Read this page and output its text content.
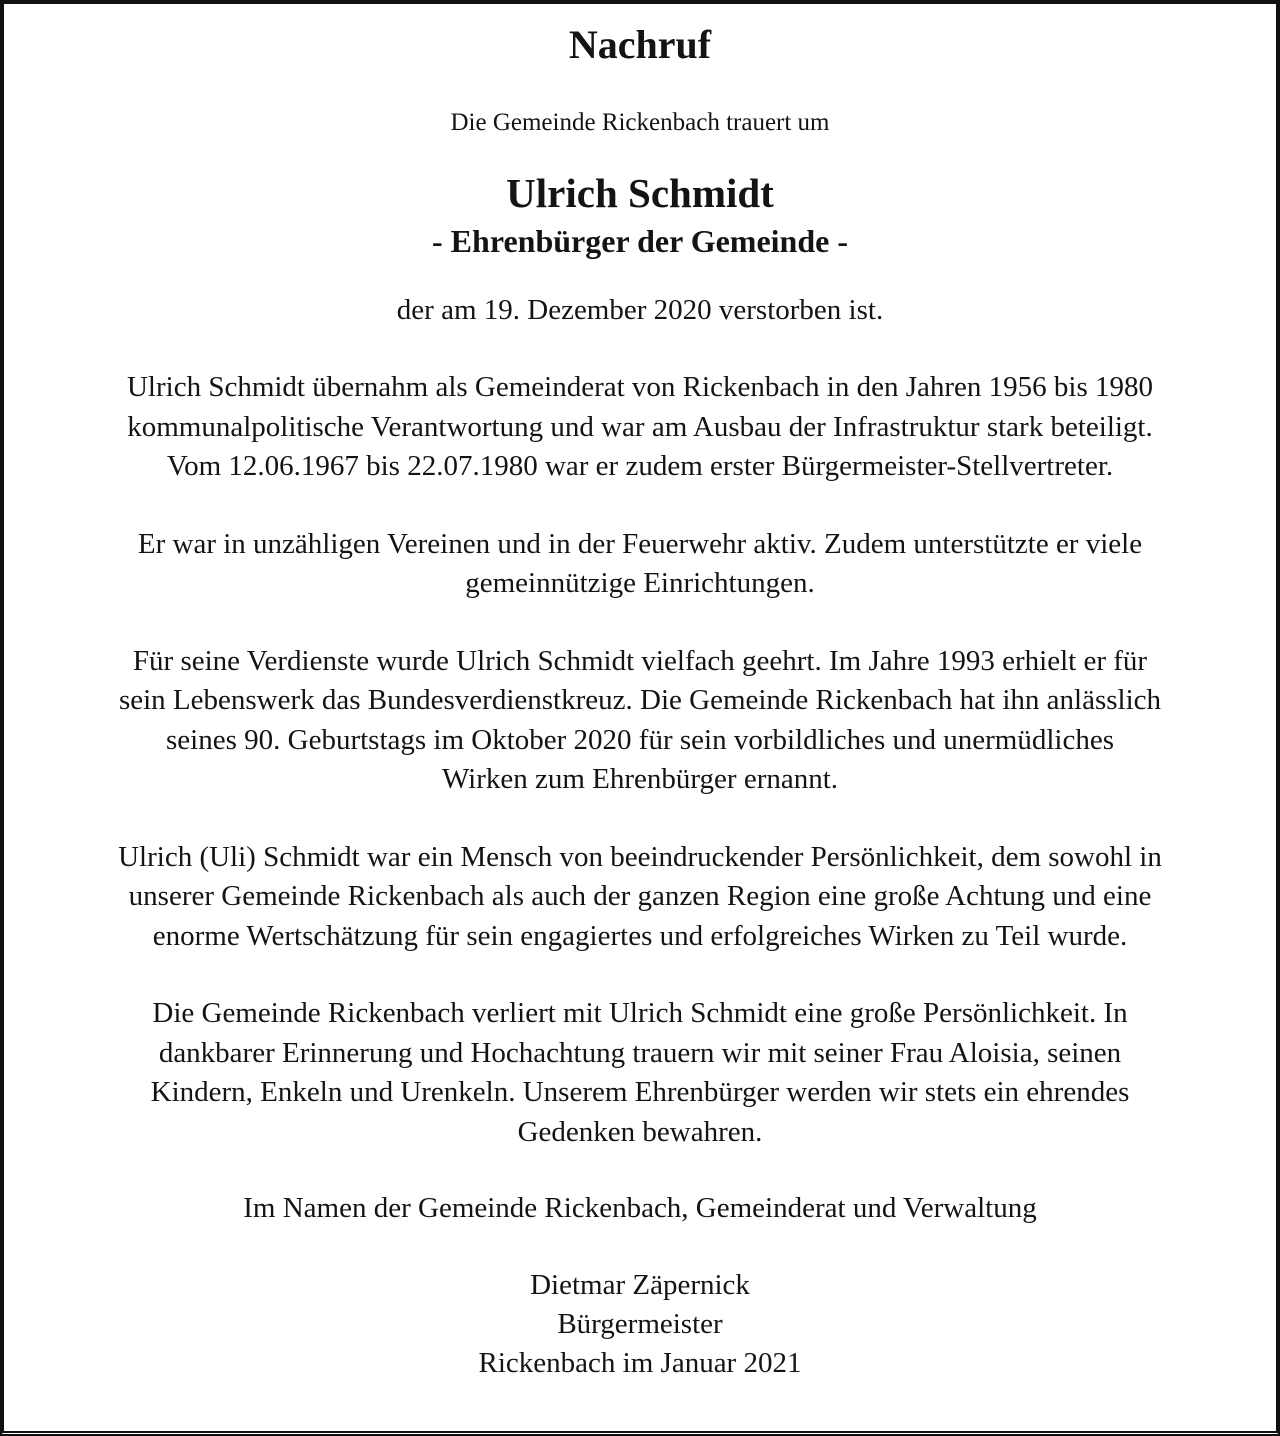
Nachruf

Die Gemeinde Rickenbach trauert um

Ulrich Schmidt

- Ehrenbürger der Gemeinde -

der am 19. Dezember 2020 verstorben ist.

Ulrich Schmidt übernahm als Gemeinderat von Rickenbach in den Jahren 1956 bis 1980
kommunalpolitische Verantwortung und war am Ausbau der Infrastruktur stark beteiligt.
Vom 12.06.1967 bis 22.07.1980 war er zudem erster Bürgermeister-Stellvertreter.

Er war in unzähligen Vereinen und in der Feuerwehr aktiv. Zudem unterstützte er viele
gemeinnützige Einrichtungen.

Für seine Verdienste wurde Ulrich Schmidt vielfach geehrt. Im Jahre 1993 erhielt er für
sein Lebenswerk das Bundesverdienstkreuz. Die Gemeinde Rickenbach hat ihn anlässlich
seines 90. Geburtstags im Oktober 2020 für sein vorbildliches und unermüdliches
Wirken zum Ehrenbürger ernannt.

Ulrich (Uli) Schmidt war ein Mensch von beeindruckender Persönlichkeit, dem sowohl in
unserer Gemeinde Rickenbach als auch der ganzen Region eine große Achtung und eine
enorme Wertschätzung für sein engagiertes und erfolgreiches Wirken zu Teil wurde.

Die Gemeinde Rickenbach verliert mit Ulrich Schmidt eine große Persönlichkeit. In
dankbarer Erinnerung und Hochachtung trauern wir mit seiner Frau Aloisia, seinen
Kindern, Enkeln und Urenkeln. Unserem Ehrenbürger werden wir stets ein ehrendes
Gedenken bewahren.

Im Namen der Gemeinde Rickenbach, Gemeinderat und Verwaltung

Dietmar Zäpernick
Bürgermeister
Rickenbach im Januar 2021
